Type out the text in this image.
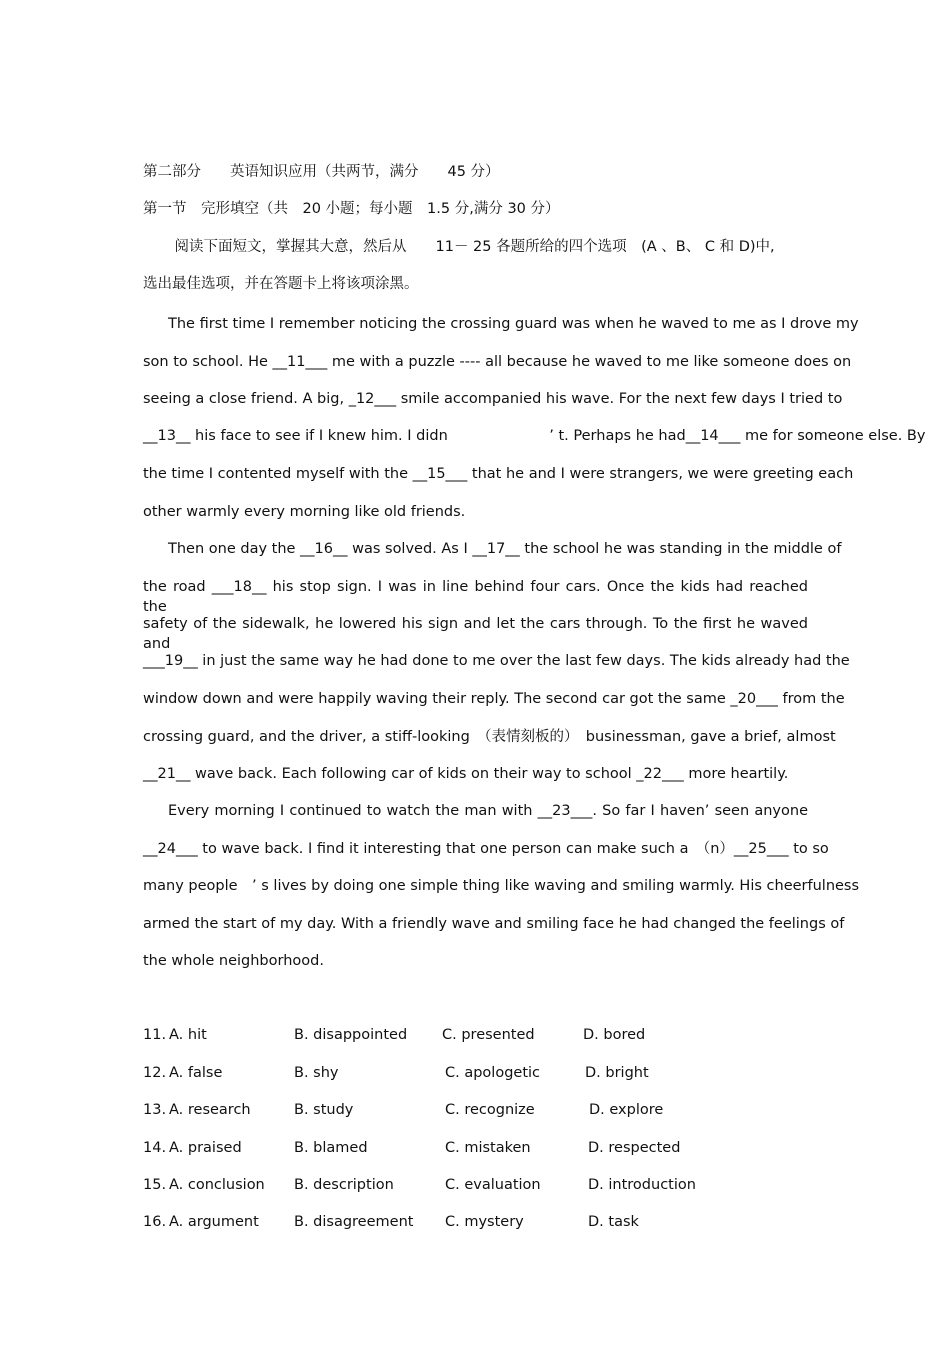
第二部分　　英语知识应用（共两节，满分　　45 分）
第一节　完形填空（共　20 小题；每小题　1.5 分,满分 30 分）
　阅读下面短文，掌握其大意，然后从　　11－ 25 各题所给的四个选项　(A 、B、 C 和 D)中,
选出最佳选项，并在答题卡上将该项涂黑。
The first time I remember noticing the crossing guard was when he waved to me as I drove my
son to school. He __11___ me with a puzzle ---- all because he waved to me like someone does on
seeing a close friend. A big, _12___ smile accompanied his wave. For the next few days I tried to
__13__ his face to see if I knew him. I didn　　　　　　　’ t. Perhaps he had__14___ me for someone else. By
the time I contented myself with the __15___ that he and I were strangers, we were greeting each
other warmly every morning like old friends.
Then one day the __16__ was solved. As I __17__ the school he was standing in the middle of
the road ___18__ his stop sign. I was in line behind four cars. Once the kids had reached the
safety of the sidewalk, he lowered his sign and let the cars through. To the first he waved and
___19__ in just the same way he had done to me over the last few days. The kids already had the
window down and were happily waving their reply. The second car got the same _20___ from the
crossing guard, and the driver, a stiff-looking　（表情刻板的）　businessman, gave a brief, almost
__21__ wave back. Each following car of kids on their way to school _22___ more heartily.
Every morning I continued to watch the man with __23___. So far I haven’ seen anyone
__24___ to wave back. I find it interesting that one person can make such a　（n）__25___ to so
many people　’ s lives by doing one simple thing like waving and smiling warmly. His cheerfulness
armed the start of my day. With a friendly wave and smiling face he had changed the feelings of
the whole neighborhood.
11. A. hit	B. disappointed C. presented	D. bored
12. A. false	B. shy	C. apologetic	D. bright
13. A. research	B. study	C. recognize	D. explore
14. A. praised	B. blamed	C. mistaken	D. respected
15. A. conclusion B. description	C. evaluation	D. introduction
16. A. argument B. disagreement C. mystery	D. task
